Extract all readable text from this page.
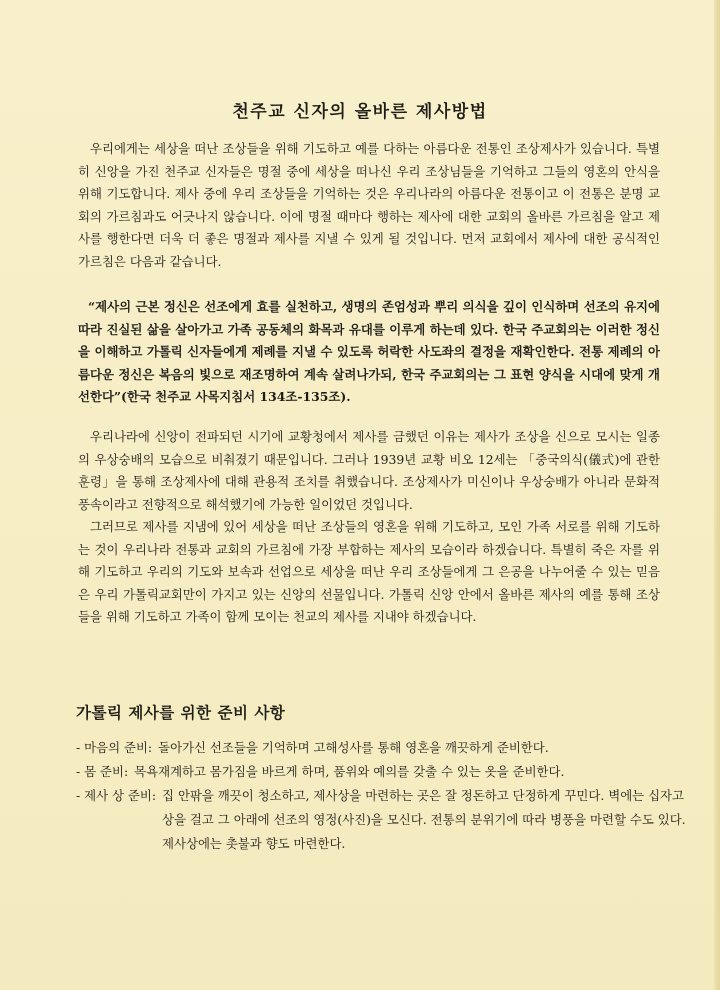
천주교 신자의 올바른 제사방법

우리에게는 세상을 떠난 조상들을 위해 기도하고 예를 다하는 아름다운 전통인 조상제사가 있습니다. 특별히 신앙을 가진 천주교 신자들은 명절 중에 세상을 떠나신 우리 조상님들을 기억하고 그들의 영혼의 안식을 위해 기도합니다. 제사 중에 우리 조상들을 기억하는 것은 우리나라의 아름다운 전통이고 이 전통은 분명 교회의 가르침과도 어긋나지 않습니다. 이에 명절 때마다 행하는 제사에 대한 교회의 올바른 가르침을 알고 제사를 행한다면 더욱 더 좋은 명절과 제사를 지낼 수 있게 될 것입니다. 먼저 교회에서 제사에 대한 공식적인 가르침은 다음과 같습니다.

“제사의 근본 정신은 선조에게 효를 실천하고, 생명의 존엄성과 뿌리 의식을 깊이 인식하며 선조의 유지에 따라 진실된 삶을 살아가고 가족 공동체의 화목과 유대를 이루게 하는데 있다. 한국 주교회의는 이러한 정신을 이해하고 가톨릭 신자들에게 제례를 지낼 수 있도록 허락한 사도좌의 결정을 재확인한다. 전통 제례의 아름다운 정신은 복음의 빛으로 재조명하여 계속 살려나가되, 한국 주교회의는 그 표현 양식을 시대에 맞게 개선한다”(한국 천주교 사목지침서 134조-135조).

·

우리나라에 신앙이 전파되던 시기에 교황청에서 제사를 금했던 이유는 제사가 조상을 신으로 모시는 일종의 우상숭배의 모습으로 비춰졌기 때문입니다. 그러나 1939년 교황 비오 12세는 「중국의식(儀式)에 관한 훈령」을 통해 조상제사에 대해 관용적 조치를 취했습니다. 조상제사가 미신이나 우상숭배가 아니라 문화적 풍속이라고 전향적으로 해석했기에 가능한 일이었던 것입니다.

그러므로 제사를 지냄에 있어 세상을 떠난 조상들의 영혼을 위해 기도하고, 모인 가족 서로를 위해 기도하는 것이 우리나라 전통과 교회의 가르침에 가장 부합하는 제사의 모습이라 하겠습니다. 특별히 죽은 자를 위해 기도하고 우리의 기도와 보속과 선업으로 세상을 떠난 우리 조상들에게 그 은공을 나누어줄 수 있는 믿음은 우리 가톨릭교회만이 가지고 있는 신앙의 선물입니다. 가톨릭 신앙 안에서 올바른 제사의 예를 통해 조상들을 위해 기도하고 가족이 함께 모이는 천교의 제사를 지내야 하겠습니다.

가톨릭 제사를 위한 준비 사항
- 마음의 준비: 돌아가신 선조들을 기억하며 고해성사를 통해 영혼을 깨끗하게 준비한다.
- 몸 준비: 목욕재계하고 몸가짐을 바르게 하며, 품위와 예의를 갖출 수 있는 옷을 준비한다.
- 제사 상 준비: 집 안팎을 깨끗이 청소하고, 제사상을 마련하는 곳은 잘 정돈하고 단정하게 꾸민다. 벽에는 십자고상을 걸고 그 아래에 선조의 영정(사진)을 모신다. 전통의 분위기에 따라 병풍을 마련할 수도 있다. 제사상에는 촛불과 향도 마련한다.
